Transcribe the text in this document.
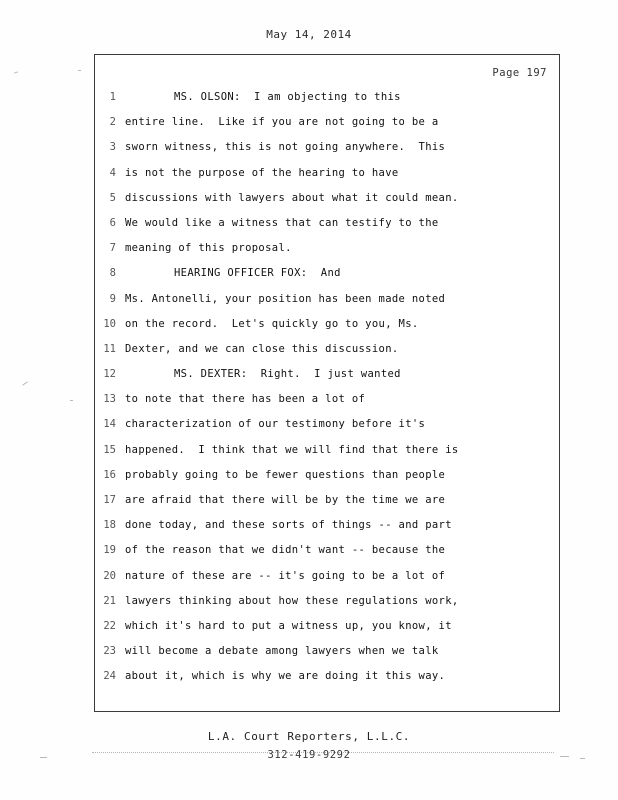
May 14, 2014
Page 197
1	MS. OLSON:  I am objecting to this
2 entire line.  Like if you are not going to be a
3 sworn witness, this is not going anywhere.  This
4 is not the purpose of the hearing to have
5 discussions with lawyers about what it could mean.
6 We would like a witness that can testify to the
7 meaning of this proposal.
8	HEARING OFFICER FOX:  And
9 Ms. Antonelli, your position has been made noted
10 on the record.  Let's quickly go to you, Ms.
11 Dexter, and we can close this discussion.
12	MS. DEXTER:  Right.  I just wanted
13 to note that there has been a lot of
14 characterization of our testimony before it's
15 happened.  I think that we will find that there is
16 probably going to be fewer questions than people
17 are afraid that there will be by the time we are
18 done today, and these sorts of things -- and part
19 of the reason that we didn't want -- because the
20 nature of these are -- it's going to be a lot of
21 lawyers thinking about how these regulations work,
22 which it's hard to put a witness up, you know, it
23 will become a debate among lawyers when we talk
24 about it, which is why we are doing it this way.
L.A. Court Reporters, L.L.C.
312-419-9292
